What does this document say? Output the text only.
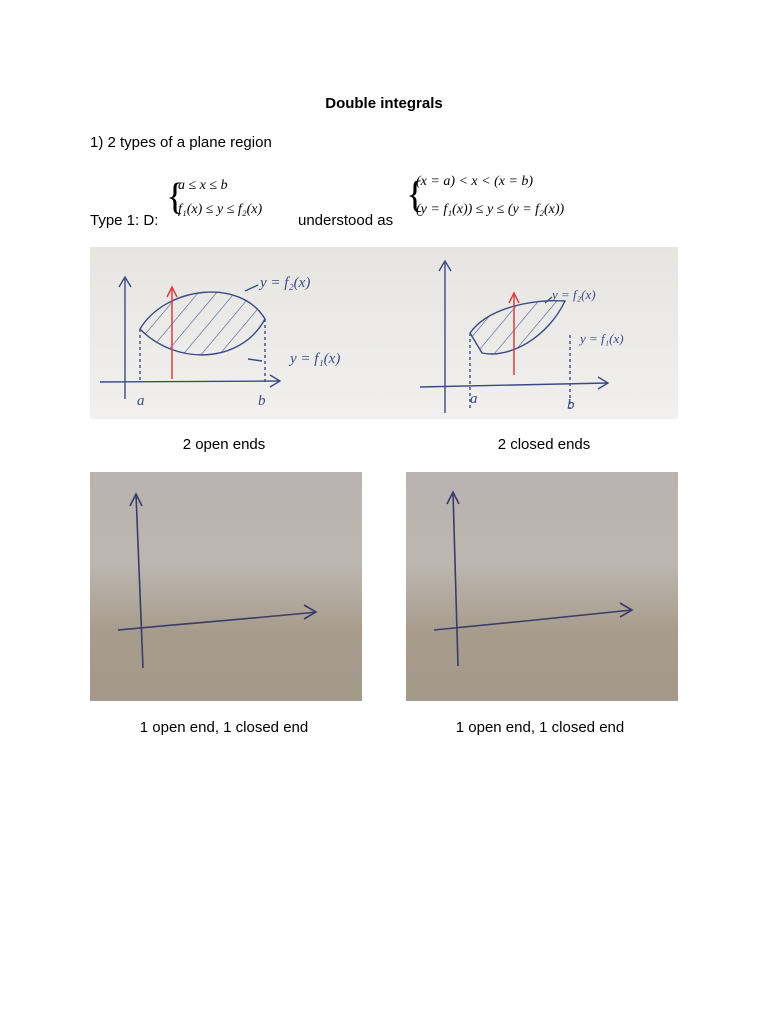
Double integrals
1) 2 types of a plane region
Type 1: D:
{
a ≤ x ≤ b
f₁(x) ≤ y ≤ f₂(x)
understood as
{
(x = a) < x < (x = b)
(y = f₁(x)) ≤ y ≤ (y = f₂(x))
y = f₂(x)
y = f₁(x)
a	b
y = f₂(x)
y = f₁(x)
a	b
2 open ends	2 closed ends
1 open end, 1 closed end	1 open end, 1 closed end
